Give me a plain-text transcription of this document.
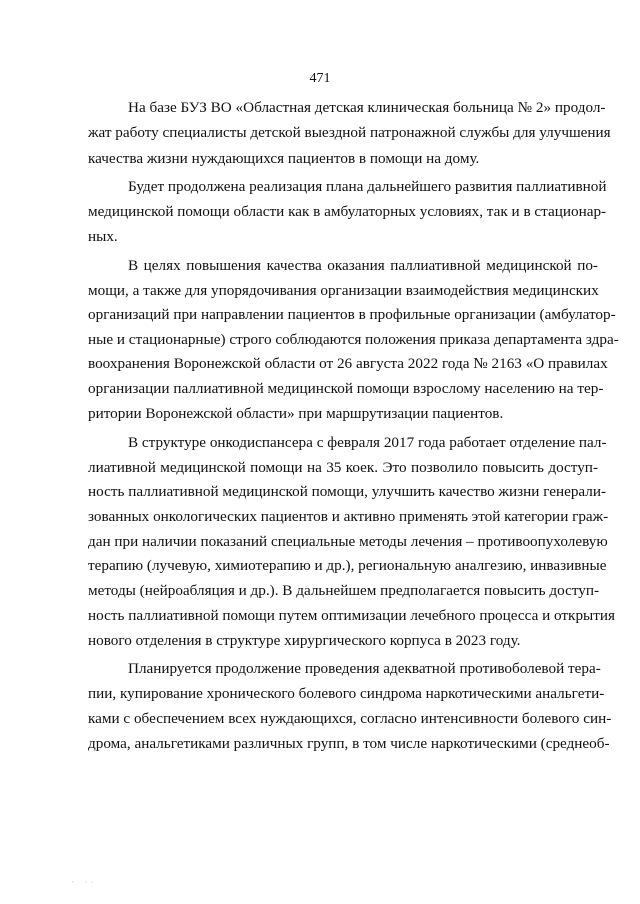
471
На базе БУЗ ВО «Областная детская клиническая больница № 2» продол-
жат работу специалисты детской выездной патронажной службы для улучшения
качества жизни нуждающихся пациентов в помощи на дому.
Будет продолжена реализация плана дальнейшего развития паллиативной
медицинской помощи области как в амбулаторных условиях, так и в стационар-
ных.
В целях повышения качества оказания паллиативной медицинской по-
мощи, а также для упорядочивания организации взаимодействия медицинских
организаций при направлении пациентов в профильные организации (амбулатор-
ные и стационарные) строго соблюдаются положения приказа департамента здра-
воохранения Воронежской области от 26 августа 2022 года № 2163 «О правилах
организации паллиативной медицинской помощи взрослому населению на тер-
ритории Воронежской области» при маршрутизации пациентов.
В структуре онкодиспансера с февраля 2017 года работает отделение пал-
лиативной медицинской помощи на 35 коек. Это позволило повысить доступ-
ность паллиативной медицинской помощи, улучшить качество жизни генерали-
зованных онкологических пациентов и активно применять этой категории граж-
дан при наличии показаний специальные методы лечения – противоопухолевую
терапию (лучевую, химиотерапию и др.), региональную аналгезию, инвазивные
методы (нейроабляция и др.). В дальнейшем предполагается повысить доступ-
ность паллиативной помощи путем оптимизации лечебного процесса и открытия
нового отделения в структуре хирургического корпуса в 2023 году.
Планируется продолжение проведения адекватной противоболевой тера-
пии, купирование хронического болевого синдрома наркотическими анальгети-
ками с обеспечением всех нуждающихся, согласно интенсивности болевого син-
дрома, анальгетиками различных групп, в том числе наркотическими (среднеоб-
